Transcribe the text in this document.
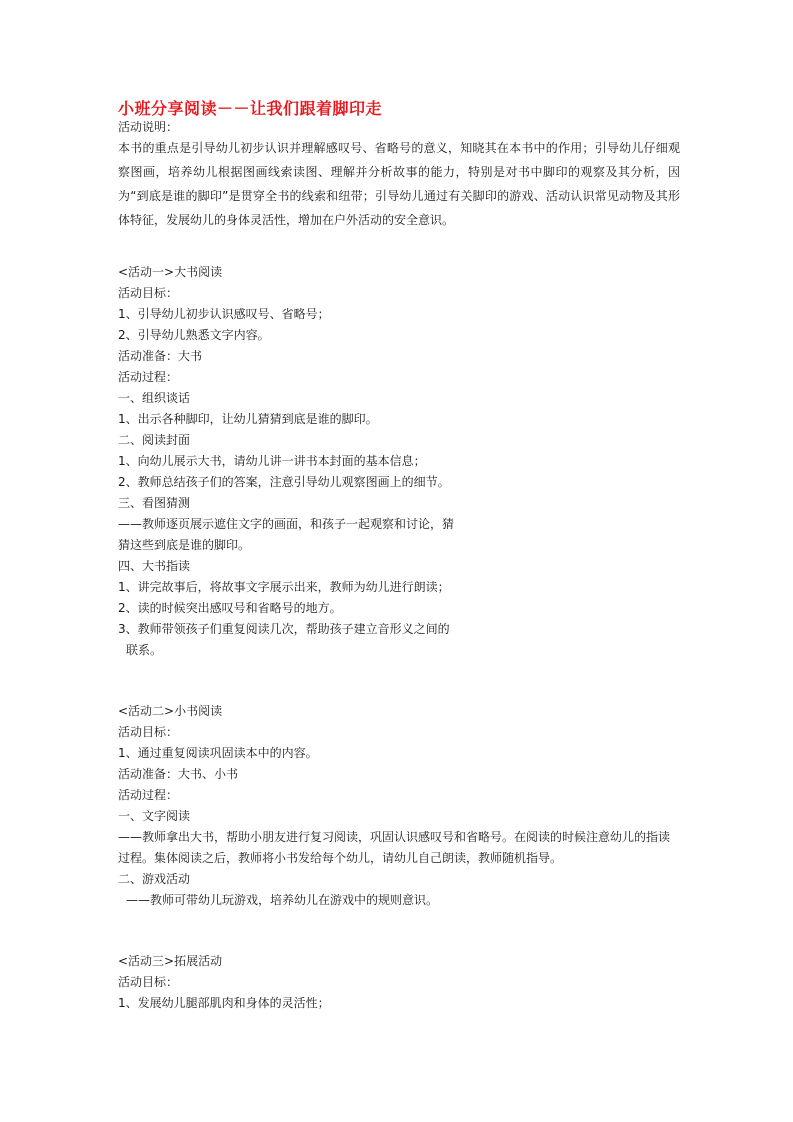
小班分享阅读－－让我们跟着脚印走
活动说明：
本书的重点是引导幼儿初步认识并理解感叹号、省略号的意义，知晓其在本书中的作用；引导幼儿仔细观察图画，培养幼儿根据图画线索读图、理解并分析故事的能力，特别是对书中脚印的观察及其分析，因为“到底是谁的脚印”是贯穿全书的线索和纽带；引导幼儿通过有关脚印的游戏、活动认识常见动物及其形体特征，发展幼儿的身体灵活性，增加在户外活动的安全意识。
<活动一>大书阅读
活动目标：
1、引导幼儿初步认识感叹号、省略号；
2、引导幼儿熟悉文字内容。
活动准备：大书
活动过程：
一、组织谈话
1、出示各种脚印，让幼儿猜猜到底是谁的脚印。
二、阅读封面
1、向幼儿展示大书，请幼儿讲一讲书本封面的基本信息；
2、教师总结孩子们的答案，注意引导幼儿观察图画上的细节。
三、看图猜测
——教师逐页展示遮住文字的画面，和孩子一起观察和讨论，猜
猜这些到底是谁的脚印。
四、大书指读
1、讲完故事后，将故事文字展示出来，教师为幼儿进行朗读；
2、读的时候突出感叹号和省略号的地方。
3、教师带领孩子们重复阅读几次，帮助孩子建立音形义之间的
联系。
<活动二>小书阅读
活动目标：
1、通过重复阅读巩固读本中的内容。
活动准备：大书、小书
活动过程：
一、文字阅读
——教师拿出大书，帮助小朋友进行复习阅读，巩固认识感叹号和省略号。在阅读的时候注意幼儿的指读
过程。集体阅读之后，教师将小书发给每个幼儿，请幼儿自己朗读，教师随机指导。
二、游戏活动
——教师可带幼儿玩游戏，培养幼儿在游戏中的规则意识。
<活动三>拓展活动
活动目标：
1、发展幼儿腿部肌肉和身体的灵活性；
